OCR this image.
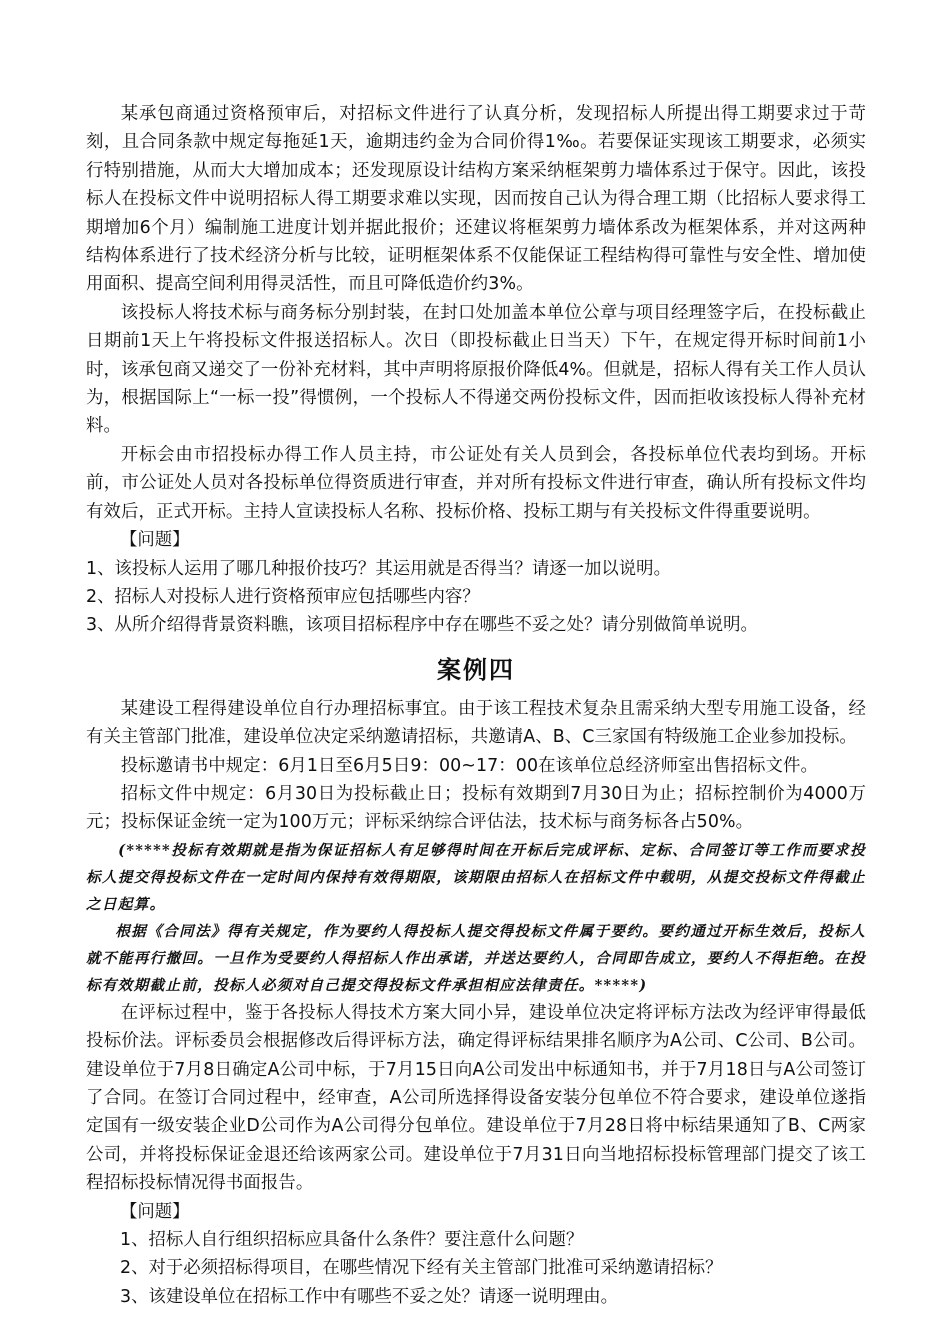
某承包商通过资格预审后，对招标文件进行了认真分析，发现招标人所提出得工期要求过于苛刻，且合同条款中规定每拖延1天，逾期违约金为合同价得1‰。若要保证实现该工期要求，必须实行特别措施，从而大大增加成本；还发现原设计结构方案采纳框架剪力墙体系过于保守。因此，该投标人在投标文件中说明招标人得工期要求难以实现，因而按自己认为得合理工期（比招标人要求得工期增加6个月）编制施工进度计划并据此报价；还建议将框架剪力墙体系改为框架体系，并对这两种结构体系进行了技术经济分析与比较，证明框架体系不仅能保证工程结构得可靠性与安全性、增加使用面积、提高空间利用得灵活性，而且可降低造价约3%。

该投标人将技术标与商务标分别封装，在封口处加盖本单位公章与项目经理签字后，在投标截止日期前1天上午将投标文件报送招标人。次日（即投标截止日当天）下午，在规定得开标时间前1小时，该承包商又递交了一份补充材料，其中声明将原报价降低4%。但就是，招标人得有关工作人员认为，根据国际上“一标一投”得惯例，一个投标人不得递交两份投标文件，因而拒收该投标人得补充材料。

开标会由市招投标办得工作人员主持，市公证处有关人员到会，各投标单位代表均到场。开标前，市公证处人员对各投标单位得资质进行审查，并对所有投标文件进行审查，确认所有投标文件均有效后，正式开标。主持人宣读投标人名称、投标价格、投标工期与有关投标文件得重要说明。

【问题】

1、该投标人运用了哪几种报价技巧？其运用就是否得当？请逐一加以说明。

2、招标人对投标人进行资格预审应包括哪些内容？

3、从所介绍得背景资料瞧，该项目招标程序中存在哪些不妥之处？请分别做简单说明。

案例四

某建设工程得建设单位自行办理招标事宜。由于该工程技术复杂且需采纳大型专用施工设备，经有关主管部门批准，建设单位决定采纳邀请招标，共邀请A、B、C三家国有特级施工企业参加投标。

投标邀请书中规定：6月1日至6月5日9：00~17：00在该单位总经济师室出售招标文件。

招标文件中规定：6月30日为投标截止日；投标有效期到7月30日为止；招标控制价为4000万元；投标保证金统一定为100万元；评标采纳综合评估法，技术标与商务标各占50%。

(*****投标有效期就是指为保证招标人有足够得时间在开标后完成评标、定标、合同签订等工作而要求投标人提交得投标文件在一定时间内保持有效得期限，该期限由招标人在招标文件中载明，从提交投标文件得截止之日起算。

根据《合同法》得有关规定，作为要约人得投标人提交得投标文件属于要约。要约通过开标生效后，投标人就不能再行撤回。一旦作为受要约人得招标人作出承诺，并送达要约人，合同即告成立，要约人不得拒绝。在投标有效期截止前，投标人必须对自己提交得投标文件承担相应法律责任。*****)

在评标过程中，鉴于各投标人得技术方案大同小异，建设单位决定将评标方法改为经评审得最低投标价法。评标委员会根据修改后得评标方法，确定得评标结果排名顺序为A公司、C公司、B公司。建设单位于7月8日确定A公司中标，于7月15日向A公司发出中标通知书，并于7月18日与A公司签订了合同。在签订合同过程中，经审查，A公司所选择得设备安装分包单位不符合要求，建设单位遂指定国有一级安装企业D公司作为A公司得分包单位。建设单位于7月28日将中标结果通知了B、C两家公司，并将投标保证金退还给该两家公司。建设单位于7月31日向当地招标投标管理部门提交了该工程招标投标情况得书面报告。

【问题】

1、招标人自行组织招标应具备什么条件？要注意什么问题？

2、对于必须招标得项目，在哪些情况下经有关主管部门批准可采纳邀请招标？

3、该建设单位在招标工作中有哪些不妥之处？请逐一说明理由。
